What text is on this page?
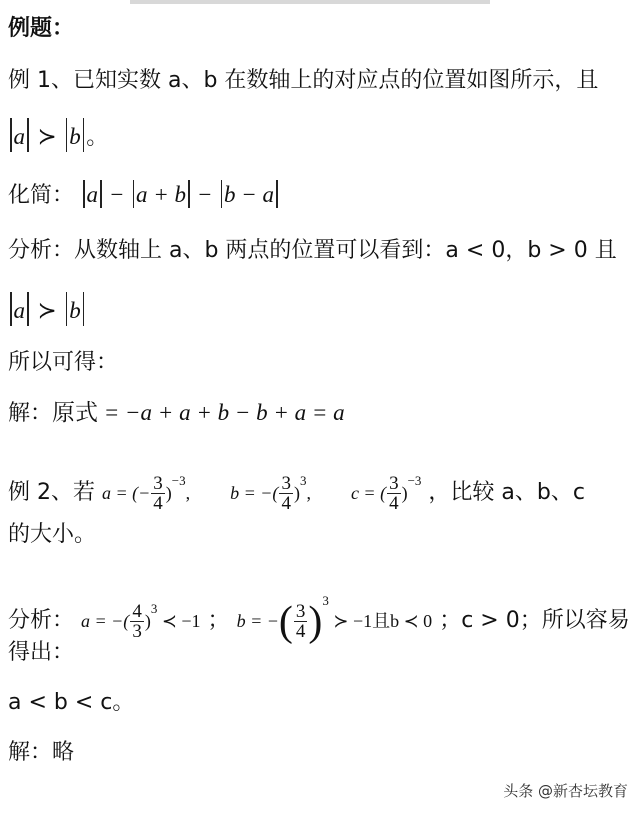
例题：
例 1、已知实数 a、b 在数轴上的对应点的位置如图所示，且
a ≻ b 。
化简： a − a + b − b − a
分析：从数轴上 a、b 两点的位置可以看到：a < 0，b > 0 且
a ≻ b
所以可得：
解：原式 = −a + a + b − b + a = a
例 2、若 a = (− $\frac{3}{4} )^{-3}$, b = −( $\frac{3}{4} )^3$, c = ( $\frac{3}{4} )^{-3}$ ，比较 a、b、c
的大小。
分析： a = −( $\frac{4}{3} )^3$ ≺ −1 ； b = −( $\frac{3}{4} )^3$ ≻ −1且b ≺ 0 ；c > 0；所以容易
得出：
a < b < c。
解：略
头条 @新杏坛教育
